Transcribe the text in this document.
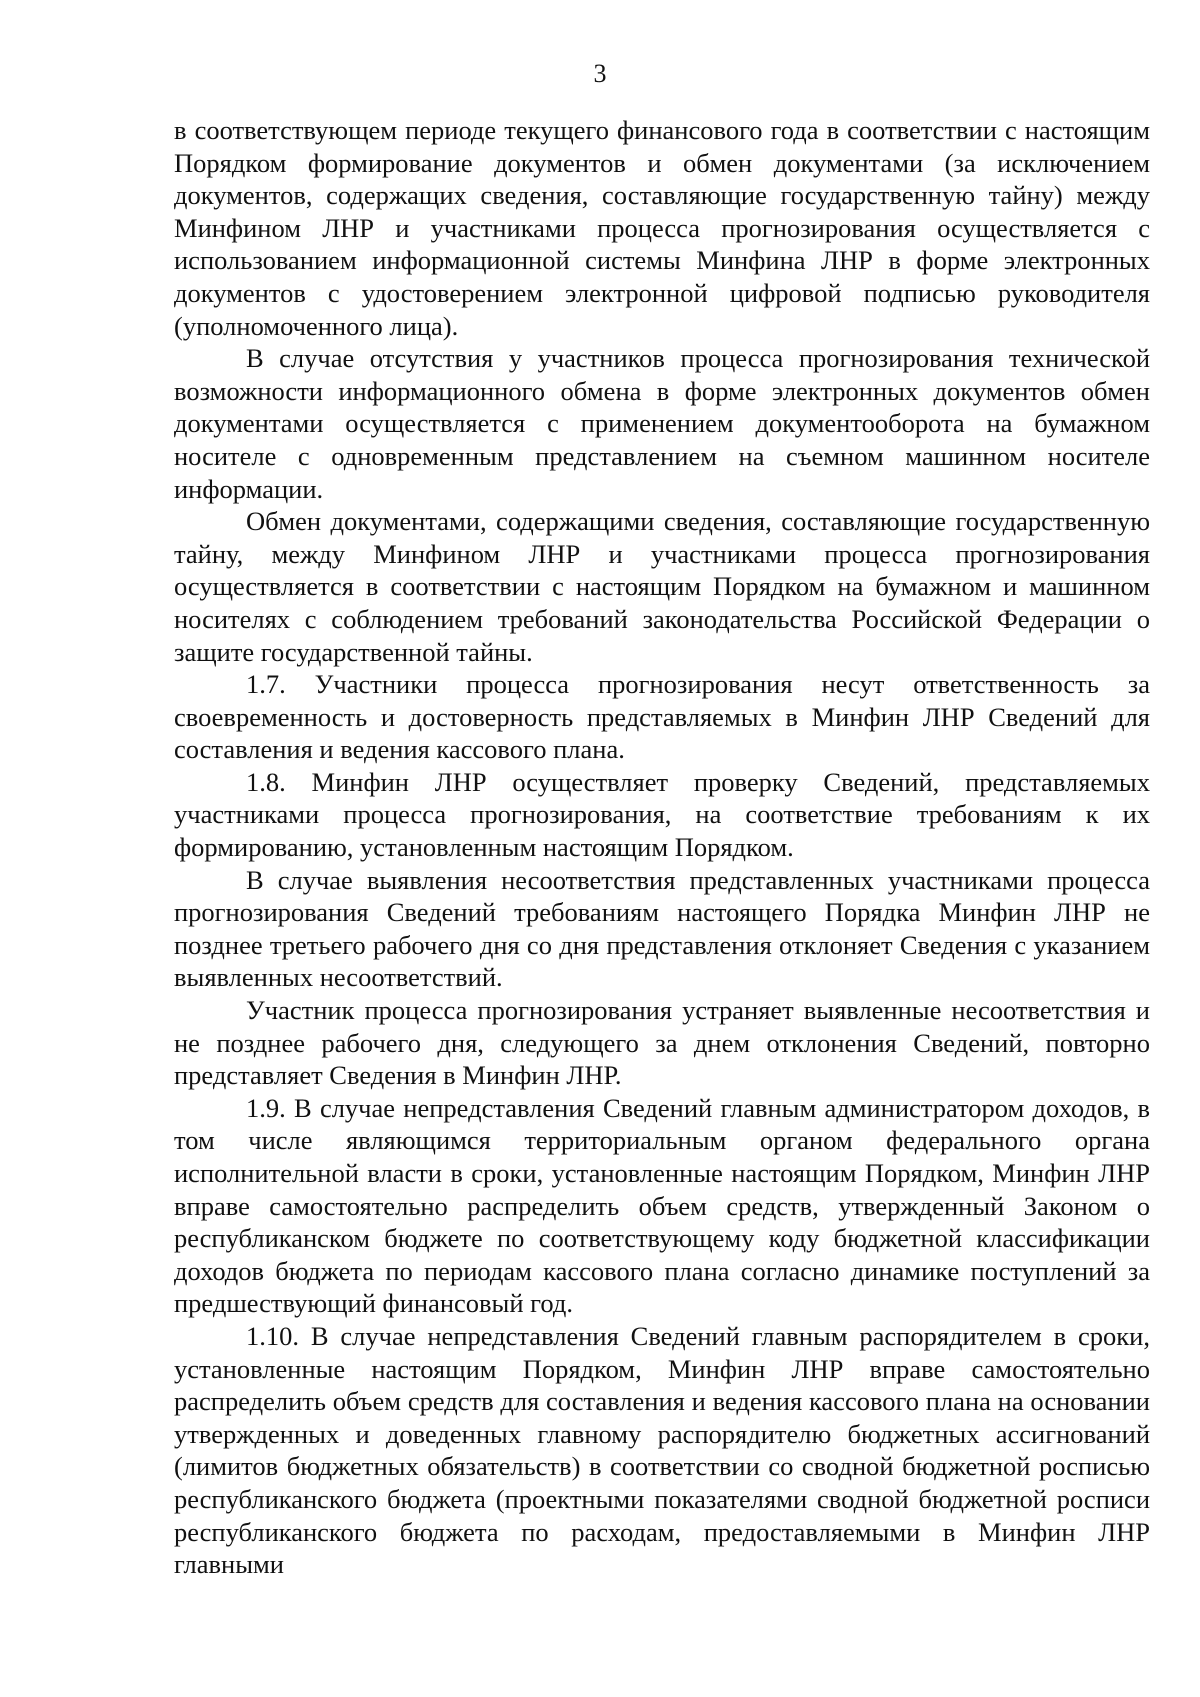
3

в соответствующем периоде текущего финансового года в соответствии с настоящим Порядком формирование документов и обмен документами (за исключением документов, содержащих сведения, составляющие государственную тайну) между Минфином ЛНР и участниками процесса прогнозирования осуществляется с использованием информационной системы Минфина ЛНР в форме электронных документов с удостоверением электронной цифровой подписью руководителя (уполномоченного лица).

В случае отсутствия у участников процесса прогнозирования технической возможности информационного обмена в форме электронных документов обмен документами осуществляется с применением документооборота на бумажном носителе с одновременным представлением на съемном машинном носителе информации.

Обмен документами, содержащими сведения, составляющие государственную тайну, между Минфином ЛНР и участниками процесса прогнозирования осуществляется в соответствии с настоящим Порядком на бумажном и машинном носителях с соблюдением требований законодательства Российской Федерации о защите государственной тайны.

1.7. Участники процесса прогнозирования несут ответственность за своевременность и достоверность представляемых в Минфин ЛНР Сведений для составления и ведения кассового плана.

1.8. Минфин ЛНР осуществляет проверку Сведений, представляемых участниками процесса прогнозирования, на соответствие требованиям к их формированию, установленным настоящим Порядком.

В случае выявления несоответствия представленных участниками процесса прогнозирования Сведений требованиям настоящего Порядка Минфин ЛНР не позднее третьего рабочего дня со дня представления отклоняет Сведения с указанием выявленных несоответствий.

Участник процесса прогнозирования устраняет выявленные несоответствия и не позднее рабочего дня, следующего за днем отклонения Сведений, повторно представляет Сведения в Минфин ЛНР.

1.9. В случае непредставления Сведений главным администратором доходов, в том числе являющимся территориальным органом федерального органа исполнительной власти в сроки, установленные настоящим Порядком, Минфин ЛНР вправе самостоятельно распределить объем средств, утвержденный Законом о республиканском бюджете по соответствующему коду бюджетной классификации доходов бюджета по периодам кассового плана согласно динамике поступлений за предшествующий финансовый год.

1.10. В случае непредставления Сведений главным распорядителем в сроки, установленные настоящим Порядком, Минфин ЛНР вправе самостоятельно распределить объем средств для составления и ведения кассового плана на основании утвержденных и доведенных главному распорядителю бюджетных ассигнований (лимитов бюджетных обязательств) в соответствии со сводной бюджетной росписью республиканского бюджета (проектными показателями сводной бюджетной росписи республиканского бюджета по расходам, предоставляемыми в Минфин ЛНР главными
